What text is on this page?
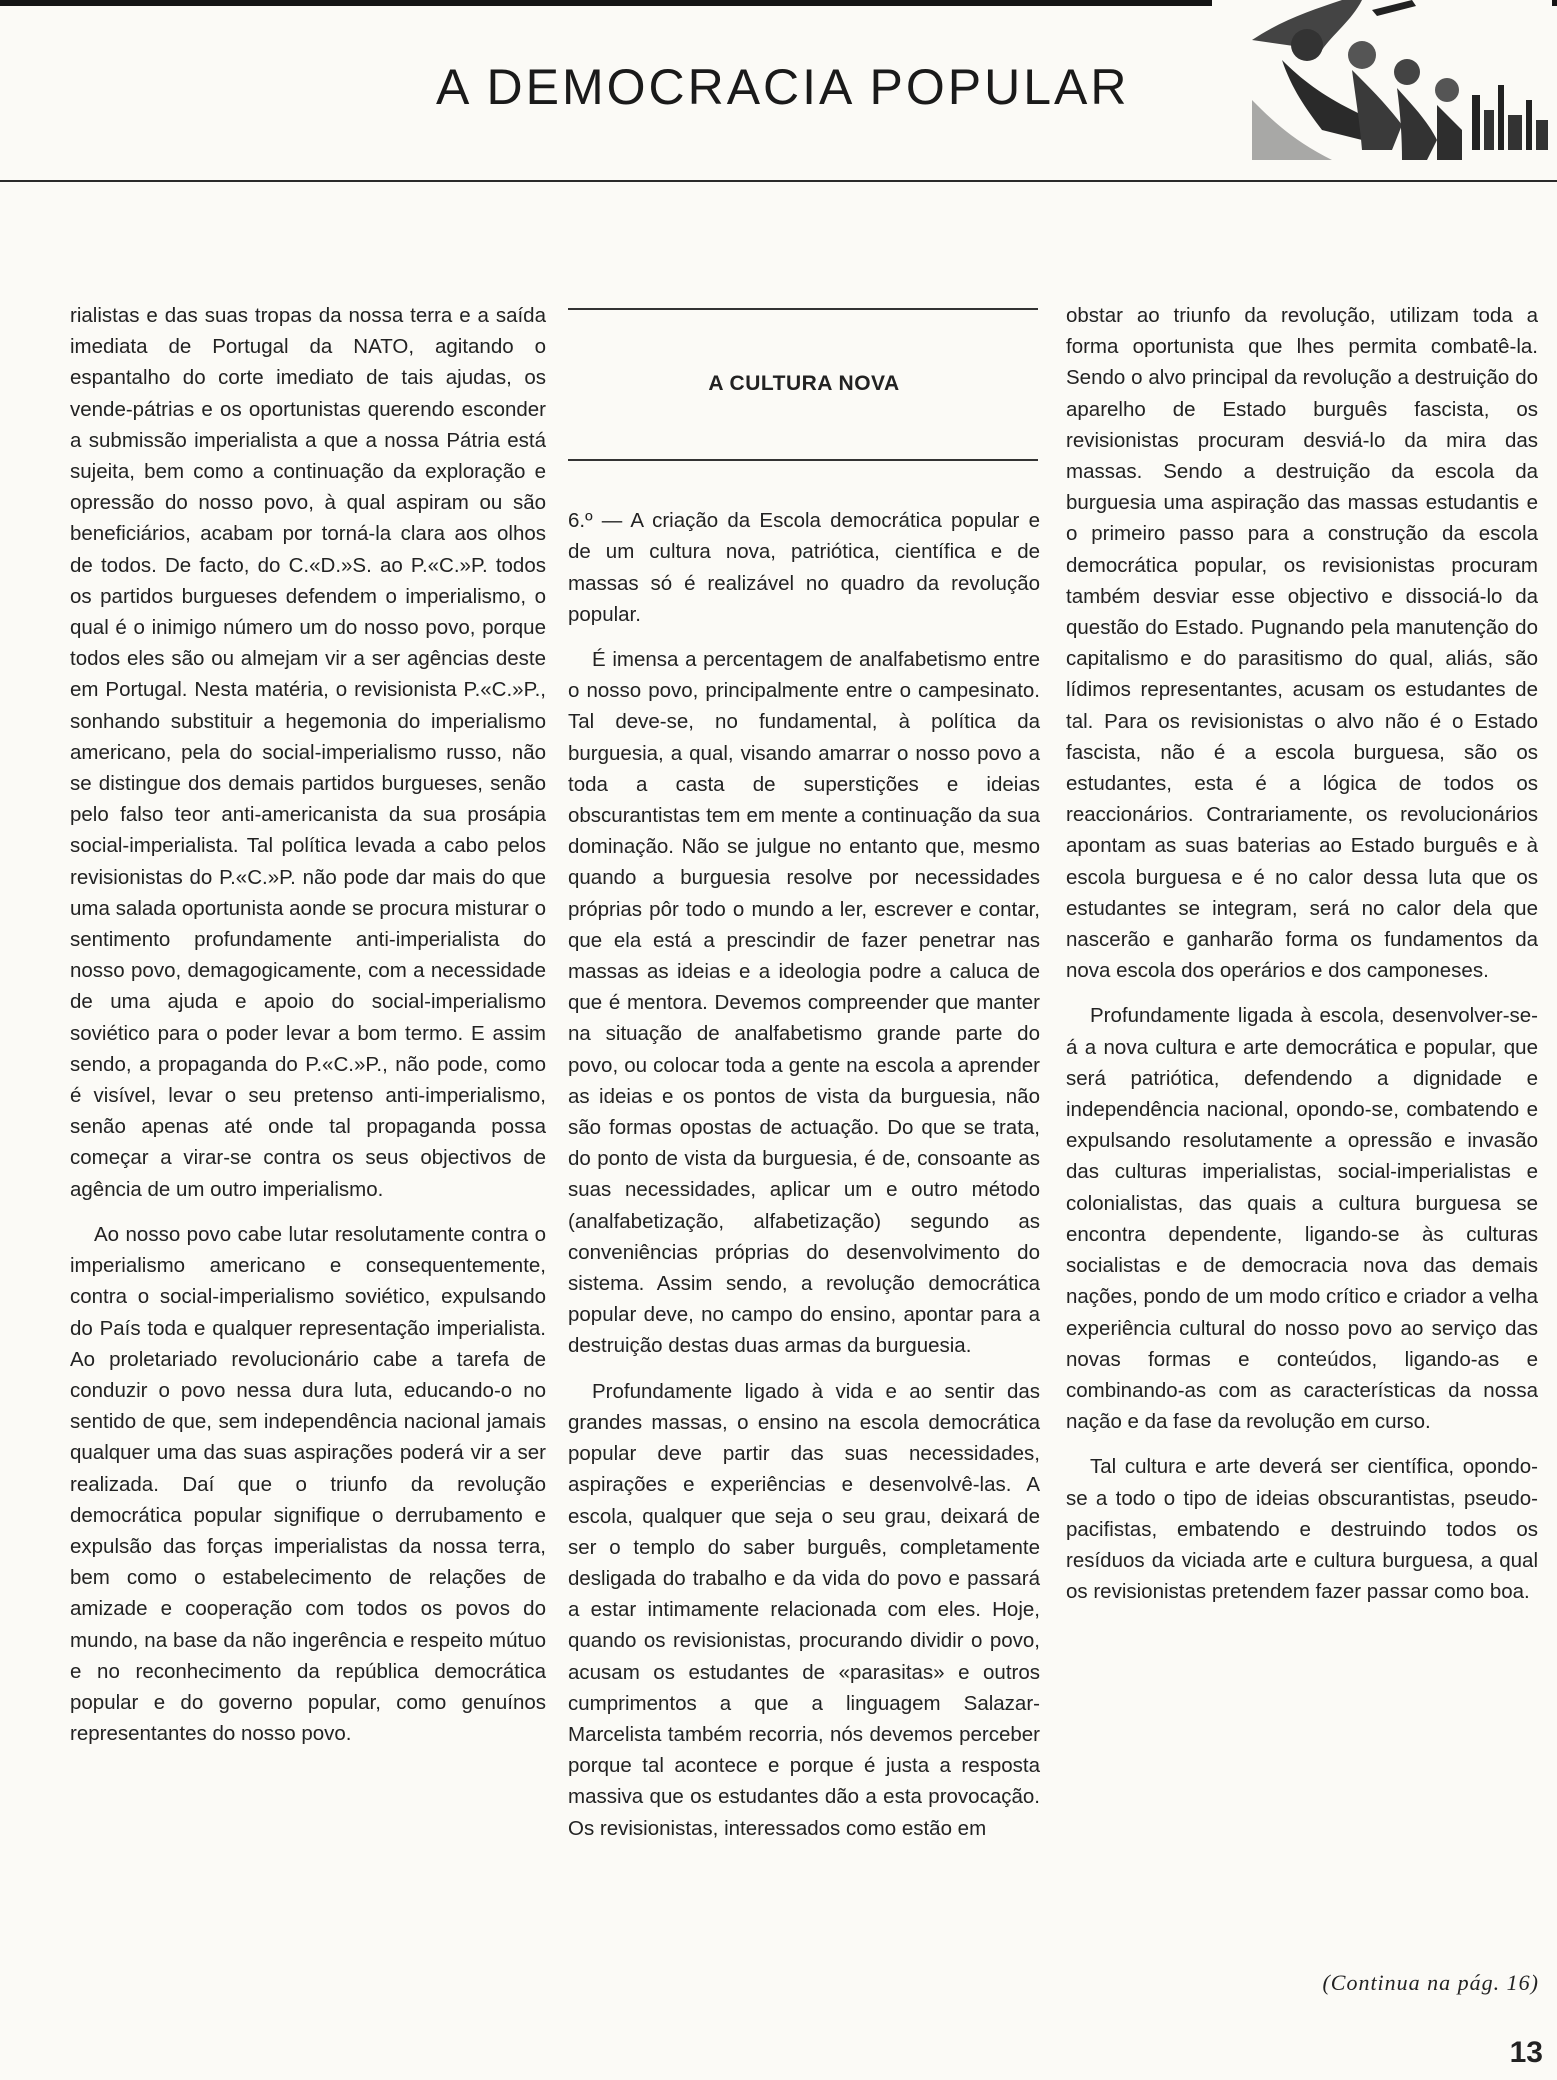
A DEMOCRACIA POPULAR

rialistas e das suas tropas da nossa terra e a saída imediata de Portugal da NATO, agitando o espantalho do corte imediato de tais ajudas, os vende-pátrias e os oportunistas querendo esconder a submissão imperialista a que a nossa Pátria está sujeita, bem como a continuação da exploração e opressão do nosso povo, à qual aspiram ou são beneficiários, acabam por torná-la clara aos olhos de todos. De facto, do C.«D.»S. ao P.«C.»P. todos os partidos burgueses defendem o imperialismo, o qual é o inimigo número um do nosso povo, porque todos eles são ou almejam vir a ser agências deste em Portugal. Nesta matéria, o revisionista P.«C.»P., sonhando substituir a hegemonia do imperialismo americano, pela do social-imperialismo russo, não se distingue dos demais partidos burgueses, senão pelo falso teor anti-americanista da sua prosápia social-imperialista. Tal política levada a cabo pelos revisionistas do P.«C.»P. não pode dar mais do que uma salada oportunista aonde se procura misturar o sentimento profundamente anti-imperialista do nosso povo, demagogicamente, com a necessidade de uma ajuda e apoio do social-imperialismo soviético para o poder levar a bom termo. E assim sendo, a propaganda do P.«C.»P., não pode, como é visível, levar o seu pretenso anti-imperialismo, senão apenas até onde tal propaganda possa começar a virar-se contra os seus objectivos de agência de um outro imperialismo.

Ao nosso povo cabe lutar resolutamente contra o imperialismo americano e consequentemente, contra o social-imperialismo soviético, expulsando do País toda e qualquer representação imperialista. Ao proletariado revolucionário cabe a tarefa de conduzir o povo nessa dura luta, educando-o no sentido de que, sem independência nacional jamais qualquer uma das suas aspirações poderá vir a ser realizada. Daí que o triunfo da revolução democrática popular signifique o derrubamento e expulsão das forças imperialistas da nossa terra, bem como o estabelecimento de relações de amizade e cooperação com todos os povos do mundo, na base da não ingerência e respeito mútuo e no reconhecimento da república democrática popular e do governo popular, como genuínos representantes do nosso povo.

A CULTURA NOVA

6.º — A criação da Escola democrática popular e de um cultura nova, patriótica, científica e de massas só é realizável no quadro da revolução popular.

É imensa a percentagem de analfabetismo entre o nosso povo, principalmente entre o campesinato. Tal deve-se, no fundamental, à política da burguesia, a qual, visando amarrar o nosso povo a toda a casta de superstições e ideias obscurantistas tem em mente a continuação da sua dominação. Não se julgue no entanto que, mesmo quando a burguesia resolve por necessidades próprias pôr todo o mundo a ler, escrever e contar, que ela está a prescindir de fazer penetrar nas massas as ideias e a ideologia podre a caluca de que é mentora. Devemos compreender que manter na situação de analfabetismo grande parte do povo, ou colocar toda a gente na escola a aprender as ideias e os pontos de vista da burguesia, não são formas opostas de actuação. Do que se trata, do ponto de vista da burguesia, é de, consoante as suas necessidades, aplicar um e outro método (analfabetização, alfabetização) segundo as conveniências próprias do desenvolvimento do sistema. Assim sendo, a revolução democrática popular deve, no campo do ensino, apontar para a destruição destas duas armas da burguesia.

Profundamente ligado à vida e ao sentir das grandes massas, o ensino na escola democrática popular deve partir das suas necessidades, aspirações e experiências e desenvolvê-las. A escola, qualquer que seja o seu grau, deixará de ser o templo do saber burguês, completamente desligada do trabalho e da vida do povo e passará a estar intimamente relacionada com eles. Hoje, quando os revisionistas, procurando dividir o povo, acusam os estudantes de «parasitas» e outros cumprimentos a que a linguagem Salazar-Marcelista também recorria, nós devemos perceber porque tal acontece e porque é justa a resposta massiva que os estudantes dão a esta provocação. Os revisionistas, interessados como estão em

obstar ao triunfo da revolução, utilizam toda a forma oportunista que lhes permita combatê-la. Sendo o alvo principal da revolução a destruição do aparelho de Estado burguês fascista, os revisionistas procuram desviá-lo da mira das massas. Sendo a destruição da escola da burguesia uma aspiração das massas estudantis e o primeiro passo para a construção da escola democrática popular, os revisionistas procuram também desviar esse objectivo e dissociá-lo da questão do Estado. Pugnando pela manutenção do capitalismo e do parasitismo do qual, aliás, são lídimos representantes, acusam os estudantes de tal. Para os revisionistas o alvo não é o Estado fascista, não é a escola burguesa, são os estudantes, esta é a lógica de todos os reaccionários. Contrariamente, os revolucionários apontam as suas baterias ao Estado burguês e à escola burguesa e é no calor dessa luta que os estudantes se integram, será no calor dela que nascerão e ganharão forma os fundamentos da nova escola dos operários e dos camponeses.

Profundamente ligada à escola, desenvolver-se-á a nova cultura e arte democrática e popular, que será patriótica, defendendo a dignidade e independência nacional, opondo-se, combatendo e expulsando resolutamente a opressão e invasão das culturas imperialistas, social-imperialistas e colonialistas, das quais a cultura burguesa se encontra dependente, ligando-se às culturas socialistas e de democracia nova das demais nações, pondo de um modo crítico e criador a velha experiência cultural do nosso povo ao serviço das novas formas e conteúdos, ligando-as e combinando-as com as características da nossa nação e da fase da revolução em curso.

Tal cultura e arte deverá ser científica, opondo-se a todo o tipo de ideias obscurantistas, pseudo-pacifistas, embatendo e destruindo todos os resíduos da viciada arte e cultura burguesa, a qual os revisionistas pretendem fazer passar como boa.

(Continua na pág. 16)
13
